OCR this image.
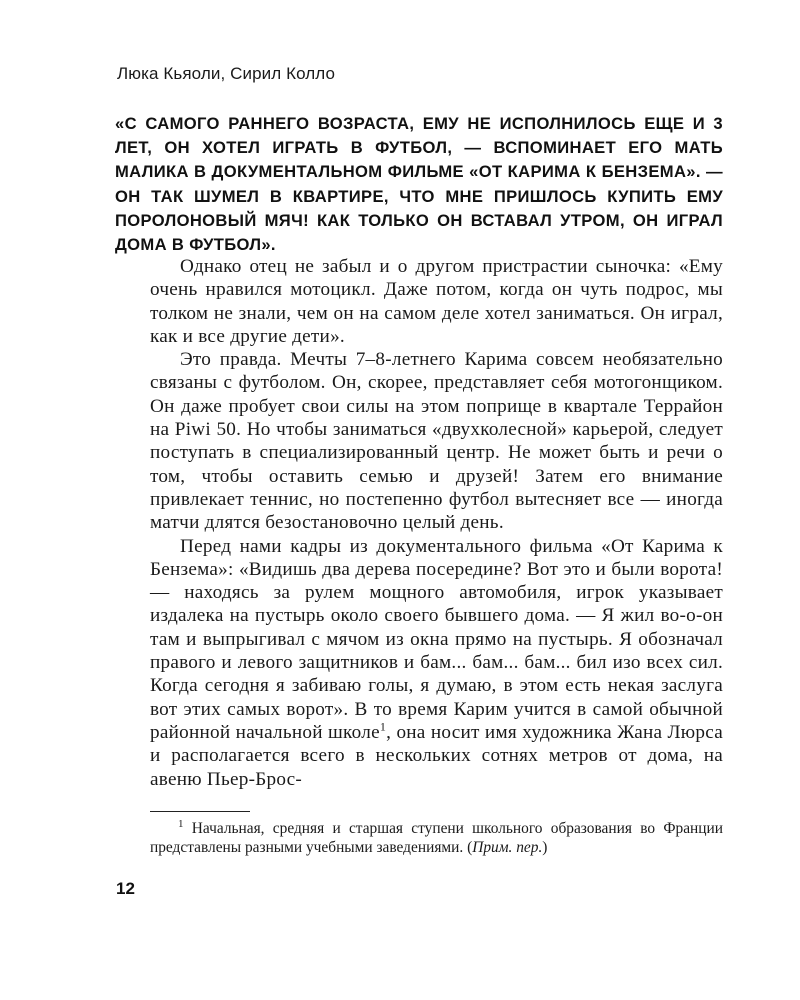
Люка Кьяоли, Сирил Колло

«С САМОГО РАННЕГО ВОЗРАСТА, ЕМУ НЕ ИСПОЛНИЛОСЬ ЕЩЕ И 3 ЛЕТ, ОН ХОТЕЛ ИГРАТЬ В ФУТБОЛ, — ВСПОМИНАЕТ ЕГО МАТЬ МАЛИКА В ДОКУМЕНТАЛЬНОМ ФИЛЬМЕ «ОТ КАРИМА К БЕНЗЕМА». — ОН ТАК ШУМЕЛ В КВАРТИРЕ, ЧТО МНЕ ПРИШЛОСЬ КУПИТЬ ЕМУ ПОРОЛОНОВЫЙ МЯЧ! КАК ТОЛЬКО ОН ВСТАВАЛ УТРОМ, ОН ИГРАЛ ДОМА В ФУТБОЛ».

Однако отец не забыл и о другом пристрастии сыночка: «Ему очень нравился мотоцикл. Даже потом, когда он чуть подрос, мы толком не знали, чем он на самом деле хотел заниматься. Он играл, как и все другие дети».

Это правда. Мечты 7–8-летнего Карима совсем необязательно связаны с футболом. Он, скорее, представляет себя мотогонщиком. Он даже пробует свои силы на этом поприще в квартале Террайон на Piwi 50. Но чтобы заниматься «двухколесной» карьерой, следует поступать в специализированный центр. Не может быть и речи о том, чтобы оставить семью и друзей! Затем его внимание привлекает теннис, но постепенно футбол вытесняет все — иногда матчи длятся безостановочно целый день.

Перед нами кадры из документального фильма «От Карима к Бензема»: «Видишь два дерева посередине? Вот это и были ворота! — находясь за рулем мощного автомобиля, игрок указывает издалека на пустырь около своего бывшего дома. — Я жил во-о-он там и выпрыгивал с мячом из окна прямо на пустырь. Я обозначал правого и левого защитников и бам... бам... бам... бил изо всех сил. Когда сегодня я забиваю голы, я думаю, в этом есть некая заслуга вот этих самых ворот». В то время Карим учится в самой обычной районной начальной школе$^1$, она носит имя художника Жана Люрса и располагается всего в нескольких сотнях метров от дома, на авеню Пьер-Брос-

$^1$ Начальная, средняя и старшая ступени школьного образования во Франции представлены разными учебными заведениями. (Прим. пер.)

12
